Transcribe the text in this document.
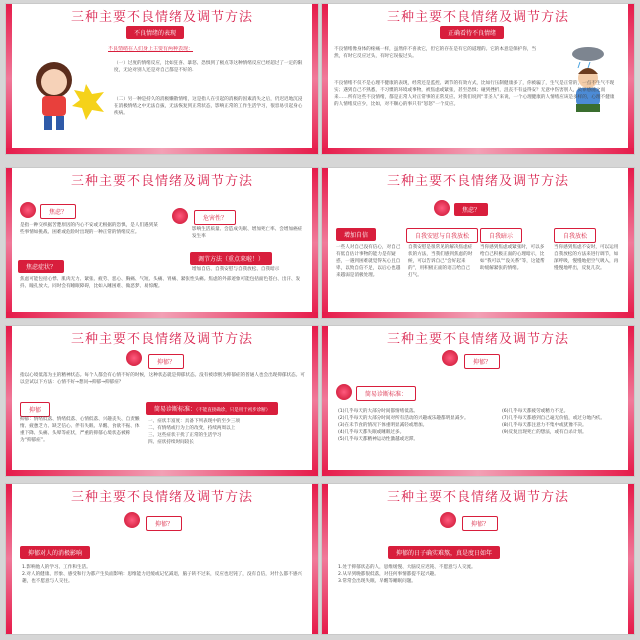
三种主要不良情绪及调节方法
不良情绪的表现
不良情绪在人们身上主要有两种表现：
（一）过度的情绪反应，比如狂喜、暴怒、恐惧到了极点等这种情绪反应已经超过了一定的限度，无论对别人还是对自己都是不好的.
（二）另一种是持久的消极懒散情绪，这是指人在引起的消极的因素消失之后，仍迟迟地沉浸在消极情绪之中无法自拔，无法恢复到正常状态，影响正常的工作生活学习，很容易引起身心疾病。
三种主要不良情绪及调节方法
正确看待不良情绪
不良情绪像身体的疼痛一样，虽然你不喜欢它，但它的存在是有它的道理的。它的本意是保护你，当然，有时它反应过头，有时它误报过头。
不良情绪不仅不是心理不健康的表现，经常还是监控、调节的有效方式，比如行压制健康多了，你被骗了，生气是正常的，一点不生气不现实；遇到自己不熟悉，不习惯的环境或事物，被焦虑或紧张，甚至恐惧；碰到挫折，沮丧不有益得安？无意中伤害别人，负罪感随之而来……所有这些不良情绪，都是正常人对正常事的正常反应。对我们说到“非圣人”来说，一个心理健康的人情绪应该是多样的，心理不健康的人情绪反应少，比如，对不顺心的事只有“怒怒”一个反应。
三种主要不良情绪及调节方法
焦虑？
是指一种交织据苦楚原因的内心不安或无根据的恐惧，是人们遇到某些事情如挑战、困难或危险时出现的一种正常的情绪反应。
危害性？
影响生活质量、会造成失眠、增加死亡率、会增加癌症发生率
调节方法（重点来啦！）
增加自信、自我安慰与自我放松、自我暗示
焦虑症状？
焦虑可能包括心悸、肌肉无力、紧张、疲劳、恶心、胸痛、气短、头痛、胃痛、紧张性头痛。焦虑的外部迹象可能包括面色苍白、出汗、发抖、瞳孔放大。同时会有睡眠障碍，比如入睡困难、做恶梦、易惊醒。
三种主要不良情绪及调节方法
焦虑？
增加自信	自我安慰与自我放松	自我暗示	自我放松
一些人对自己没有信心，对自己有低自估计事物的能力是有疑惑，一遇到困难就觉得灰心且自卑，以致自信不足，以后心也越来越弱是消极处理。
自我安慰是很常见的解决焦虑症状的方法，当我们感到焦虑的时候，可以告诉自己“会好起来的”，用积极正面的语言给自己打气。
当你感到焦虑或紧张时，可以多给自己积极正面的心理暗示，比如“我可以”“没关系”等，这能帮助缓解紧张的情绪。
当你感到焦虑不安时，可以运用自我放松的方法来进行调节，如深呼吸，慢慢地把空气吸入，再慢慢地呼出，反复几次。
三种主要不良情绪及调节方法
抑郁？
指以心境低落为主的精神状态。每个人都会有心情不好的时候，这种状态就是抑郁状态。没有被诊断为抑郁症的普通人也会出现抑郁状态。可以尝试以下方法：心情不好→想问→抑郁→抑郁症？
抑郁
抑郁：情绪低落、情绪低落、心情低落、兴趣丧失、自责懒惰、疲惫乏力、缺乏信心、伴有失眠、早醒、食欲不振、体重下降、头痛、头晕等症状，严重的抑郁心境状态被称为“抑郁症”。
简易诊断标准：（不能直接确诊，只是用于初步诊断）
一、症状丰富度：具备下列表现中的至少三项
二、有情绪或行为上的改变，持续两周以上
三、这些症状干扰了正常的生活学习
四、症状持续时间较长
三种主要不良情绪及调节方法
抑郁？
简易诊断标准：
(1)几乎每天的大部分时间都情绪低落。
(2)几乎每天的大部分时间对所有活动的兴趣或乐趣都明显减少。
(3)在未节食的情况下体重明显减轻或增加。
(4)几乎每天都失眠或睡眠过多。
(5)几乎每天都精神运动性激越或迟滞。
(6)几乎每天都疲劳或精力不足。
(7)几乎每天都感到自己毫无价值，或过分地内疚。
(8)几乎每天都注意力不集中或犹豫不决。
(9)反复出现死亡的想法，或有自杀计划。
三种主要不良情绪及调节方法
抑郁？
抑郁对人的消极影响
1.影响他人的学习、工作和生活。
2.对人的健康、形象、感受和行为都产生负面影响：思维能力迟缓或记忆减退，脑子转不过来，反应也迟钝了，没有自信，对什么都不感兴趣，也不愿意与人交往。
三种主要不良情绪及调节方法
抑郁？
抑郁的日子确实难熬，真是度日如年
1.处于抑郁状态的人，思维缓慢、大脑反应迟钝、不愿意与人交流。
2.从早到晚都很低落，对任何事情都提不起兴趣。
3.常常会出现失眠、早醒等睡眠问题。
